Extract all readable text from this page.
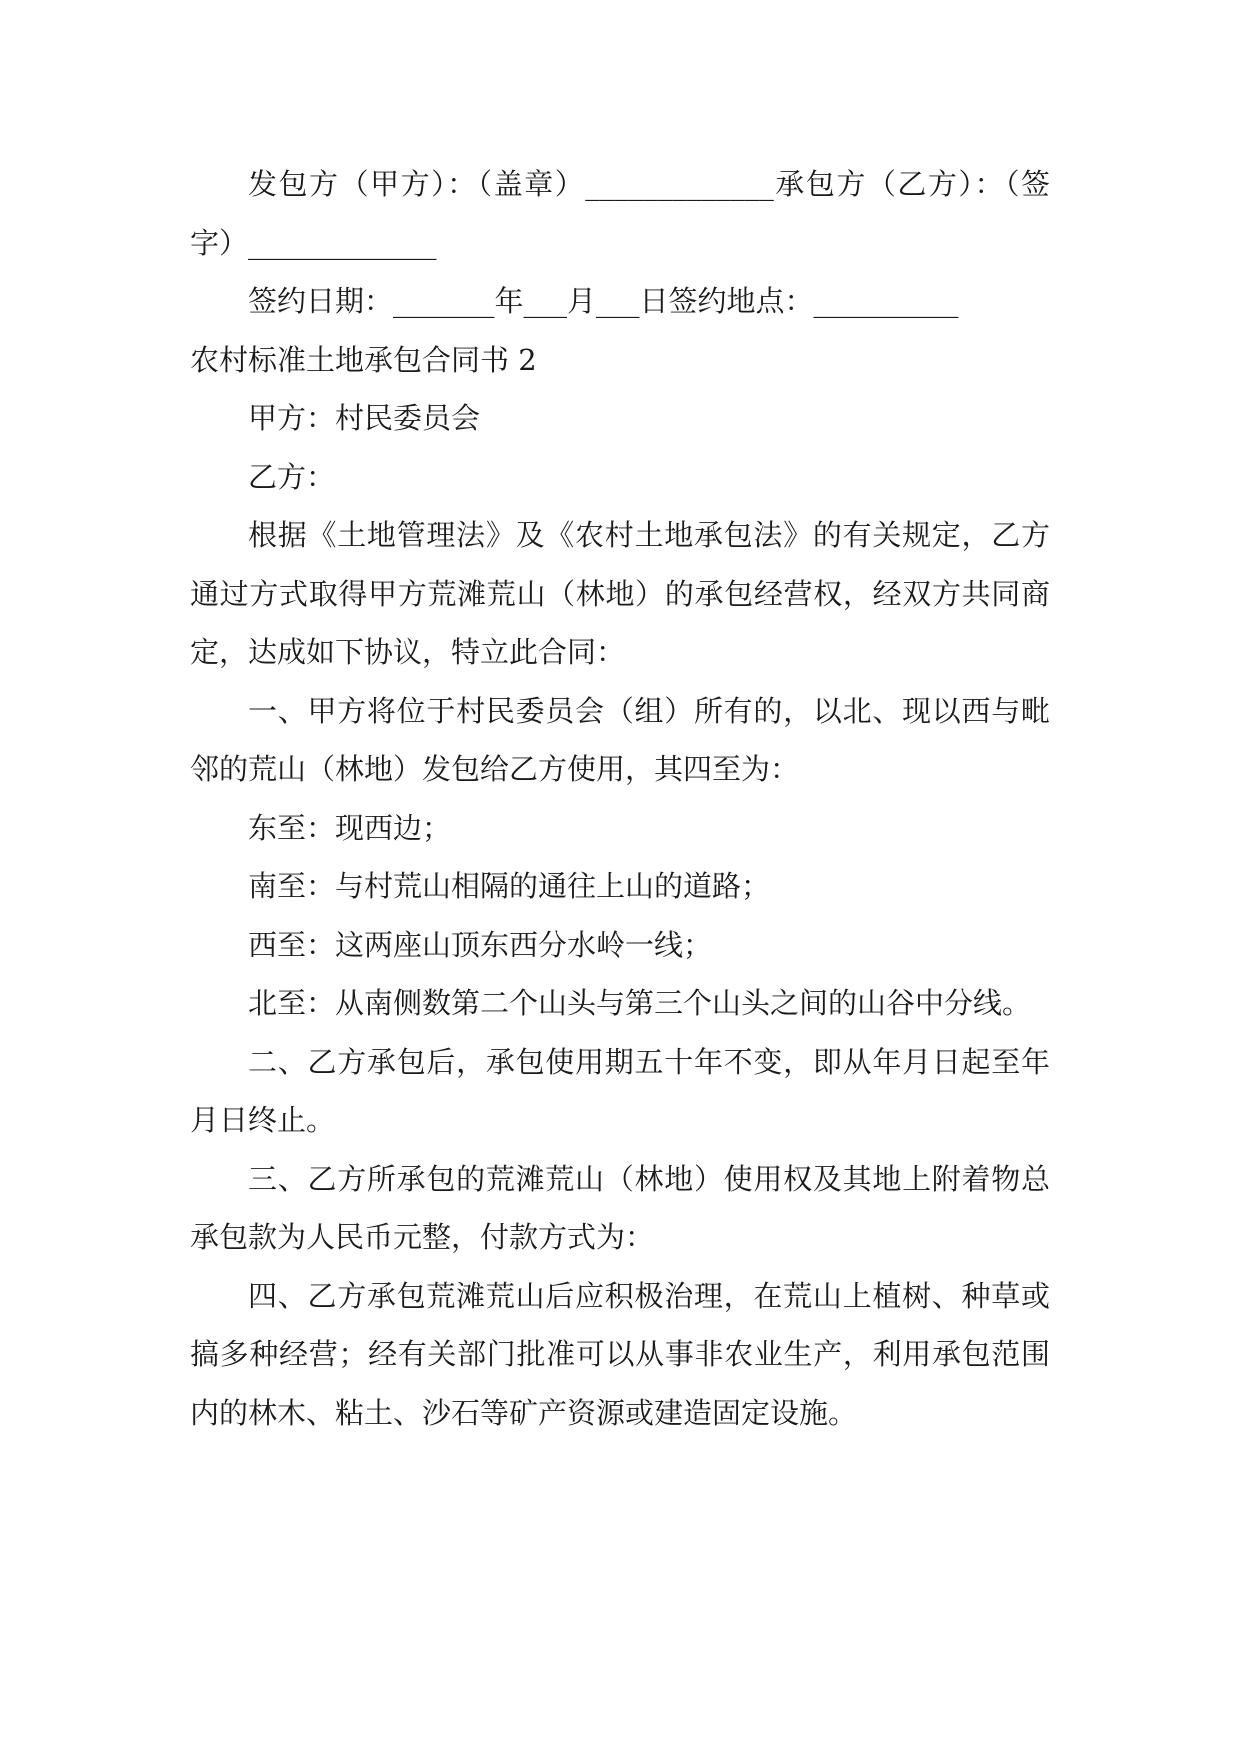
发包方（甲方）：（盖章）_____________承包方（乙方）：（签字）_____________

签约日期：_______年___月___日签约地点：__________

农村标准土地承包合同书 2

甲方：村民委员会

乙方：

根据《土地管理法》及《农村土地承包法》的有关规定，乙方通过方式取得甲方荒滩荒山（林地）的承包经营权，经双方共同商定，达成如下协议，特立此合同：

一、甲方将位于村民委员会（组）所有的，以北、现以西与毗邻的荒山（林地）发包给乙方使用，其四至为：

东至：现西边；

南至：与村荒山相隔的通往上山的道路；

西至：这两座山顶东西分水岭一线；

北至：从南侧数第二个山头与第三个山头之间的山谷中分线。

二、乙方承包后，承包使用期五十年不变，即从年月日起至年月日终止。

三、乙方所承包的荒滩荒山（林地）使用权及其地上附着物总承包款为人民币元整，付款方式为：

四、乙方承包荒滩荒山后应积极治理，在荒山上植树、种草或搞多种经营；经有关部门批准可以从事非农业生产，利用承包范围内的林木、粘土、沙石等矿产资源或建造固定设施。
